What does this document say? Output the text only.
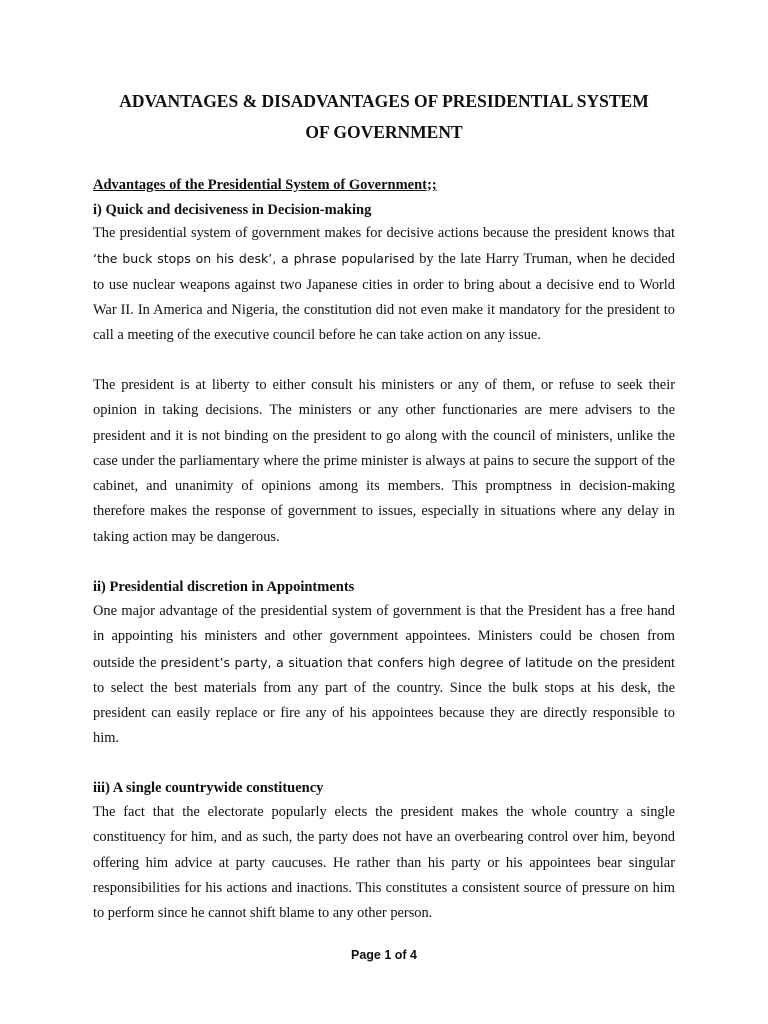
ADVANTAGES & DISADVANTAGES OF PRESIDENTIAL SYSTEM
OF GOVERNMENT
Advantages of the Presidential System of Government;;
i) Quick and decisiveness in Decision-making

The presidential system of government makes for decisive actions because the president knows that ‘the buck stops on his desk’, a phrase popularised by the late Harry Truman, when he decided to use nuclear weapons against two Japanese cities in order to bring about a decisive end to World War II. In America and Nigeria, the constitution did not even make it mandatory for the president to call a meeting of the executive council before he can take action on any issue.

The president is at liberty to either consult his ministers or any of them, or refuse to seek their opinion in taking decisions. The ministers or any other functionaries are mere advisers to the president and it is not binding on the president to go along with the council of ministers, unlike the case under the parliamentary where the prime minister is always at pains to secure the support of the cabinet, and unanimity of opinions among its members. This promptness in decision-making therefore makes the response of government to issues, especially in situations where any delay in taking action may be dangerous.

ii) Presidential discretion in Appointments

One major advantage of the presidential system of government is that the President has a free hand in appointing his ministers and other government appointees. Ministers could be chosen from outside the president’s party, a situation that confers high degree of latitude on the president to select the best materials from any part of the country. Since the bulk stops at his desk, the president can easily replace or fire any of his appointees because they are directly responsible to him.

iii) A single countrywide constituency

The fact that the electorate popularly elects the president makes the whole country a single constituency for him, and as such, the party does not have an overbearing control over him, beyond offering him advice at party caucuses. He rather than his party or his appointees bear singular responsibilities for his actions and inactions. This constitutes a consistent source of pressure on him to perform since he cannot shift blame to any other person.

Page 1 of 4
